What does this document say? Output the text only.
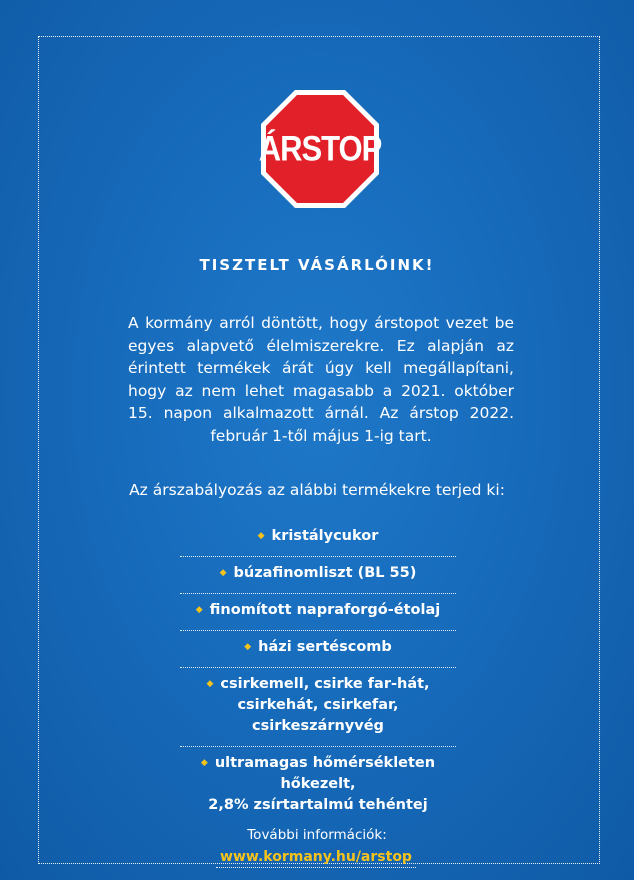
ÁRSTOP
TISZTELT VÁSÁRLÓINK!
A kormány arról döntött, hogy árstopot vezet be egyes alapvető élelmiszerekre. Ez alapján az érintett termékek árát úgy kell megállapítani, hogy az nem lehet magasabb a 2021. október 15. napon alkalmazott árnál. Az árstop 2022. február 1-től május 1-ig tart.
Az árszabályozás az alábbi termékekre terjed ki:
◆ kristálycukor
◆ búzafinomliszt (BL 55)
◆ finomított napraforgó-étolaj
◆ házi sertéscomb
◆ csirkemell, csirke far-hát,
csirkehát, csirkefar, csirkeszárnyvég
◆ ultramagas hőmérsékleten hőkezelt,
2,8% zsírtartalmú tehéntej
További információk:
www.kormany.hu/arstop
